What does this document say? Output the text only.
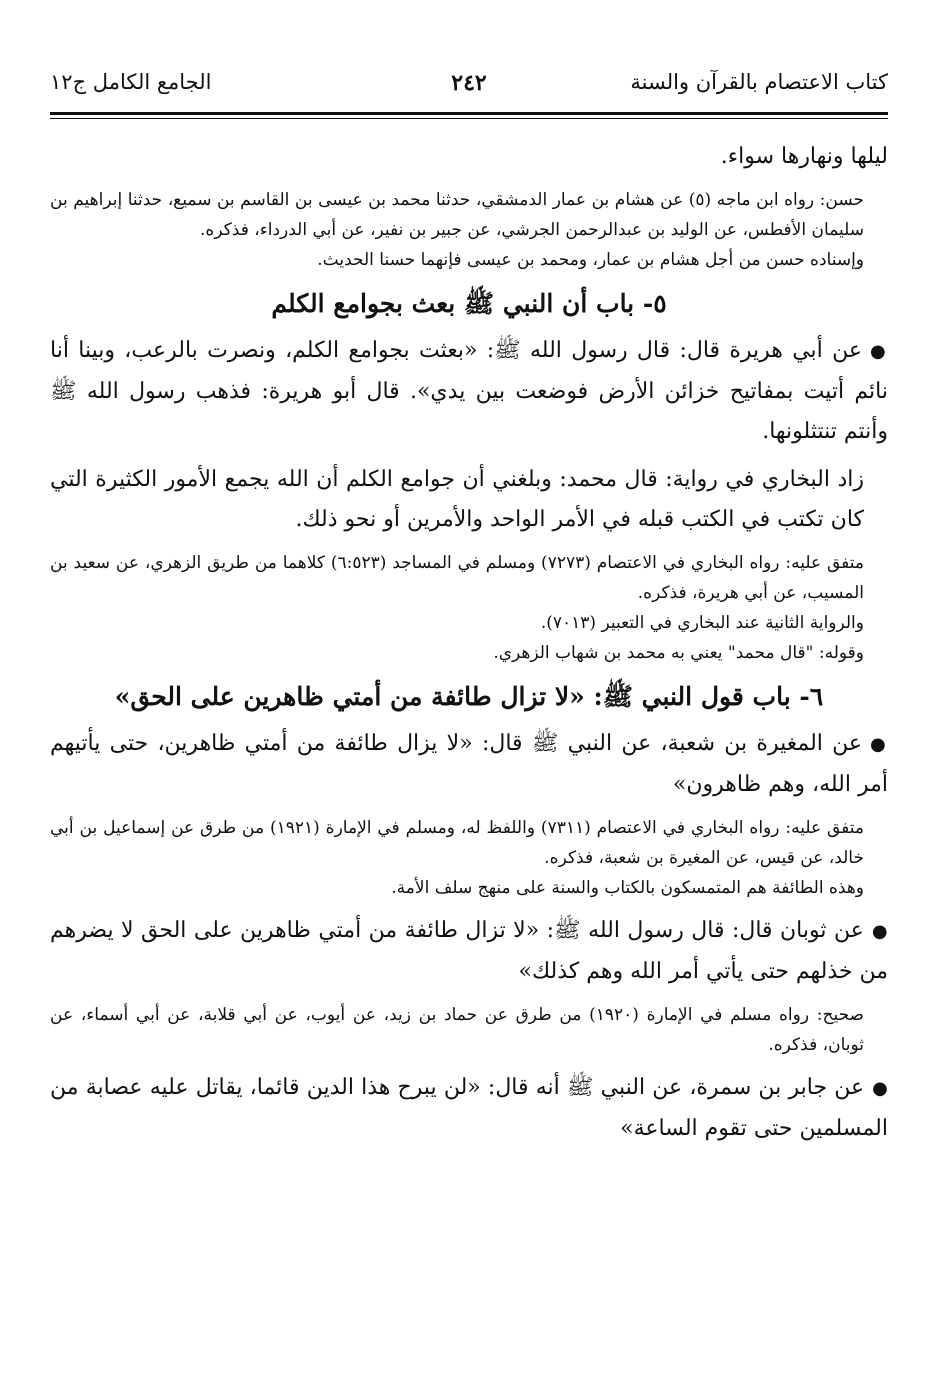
كتاب الاعتصام بالقرآن والسنة
٢٤٢
الجامع الكامل ج١٢

ليلها ونهارها سواء.

حسن: رواه ابن ماجه (٥) عن هشام بن عمار الدمشقي، حدثنا محمد بن عيسى بن القاسم بن سميع، حدثنا إبراهيم بن سليمان الأفطس، عن الوليد بن عبدالرحمن الجرشي، عن جبير بن نفير، عن أبي الدرداء، فذكره.

وإسناده حسن من أجل هشام بن عمار، ومحمد بن عيسى فإنهما حسنا الحديث.

٥- باب أن النبي ﷺ بعث بجوامع الكلم

●عن أبي هريرة قال: قال رسول الله ﷺ: «بعثت بجوامع الكلم، ونصرت بالرعب، وبينا أنا نائم أتيت بمفاتيح خزائن الأرض فوضعت بين يدي». قال أبو هريرة: فذهب رسول الله ﷺ وأنتم تنتثلونها.

زاد البخاري في رواية: قال محمد: وبلغني أن جوامع الكلم أن الله يجمع الأمور الكثيرة التي كان تكتب في الكتب قبله في الأمر الواحد والأمرين أو نحو ذلك.

متفق عليه: رواه البخاري في الاعتصام (٧٢٧٣) ومسلم في المساجد (٦:٥٢٣) كلاهما من طريق الزهري، عن سعيد بن المسيب، عن أبي هريرة، فذكره.

والرواية الثانية عند البخاري في التعبير (٧٠١٣).

وقوله: "قال محمد" يعني به محمد بن شهاب الزهري.

٦- باب قول النبي ﷺ: «لا تزال طائفة من أمتي ظاهرين على الحق»

●عن المغيرة بن شعبة، عن النبي ﷺ قال: «لا يزال طائفة من أمتي ظاهرين، حتى يأتيهم أمر الله، وهم ظاهرون»

متفق عليه: رواه البخاري في الاعتصام (٧٣١١) واللفظ له، ومسلم في الإمارة (١٩٢١) من طرق عن إسماعيل بن أبي خالد، عن قيس، عن المغيرة بن شعبة، فذكره.

وهذه الطائفة هم المتمسكون بالكتاب والسنة على منهج سلف الأمة.

●عن ثوبان قال: قال رسول الله ﷺ: «لا تزال طائفة من أمتي ظاهرين على الحق لا يضرهم من خذلهم حتى يأتي أمر الله وهم كذلك»

صحيح: رواه مسلم في الإمارة (١٩٢٠) من طرق عن حماد بن زيد، عن أيوب، عن أبي قلابة، عن أبي أسماء، عن ثوبان، فذكره.

●عن جابر بن سمرة، عن النبي ﷺ أنه قال: «لن يبرح هذا الدين قائما، يقاتل عليه عصابة من المسلمين حتى تقوم الساعة»
